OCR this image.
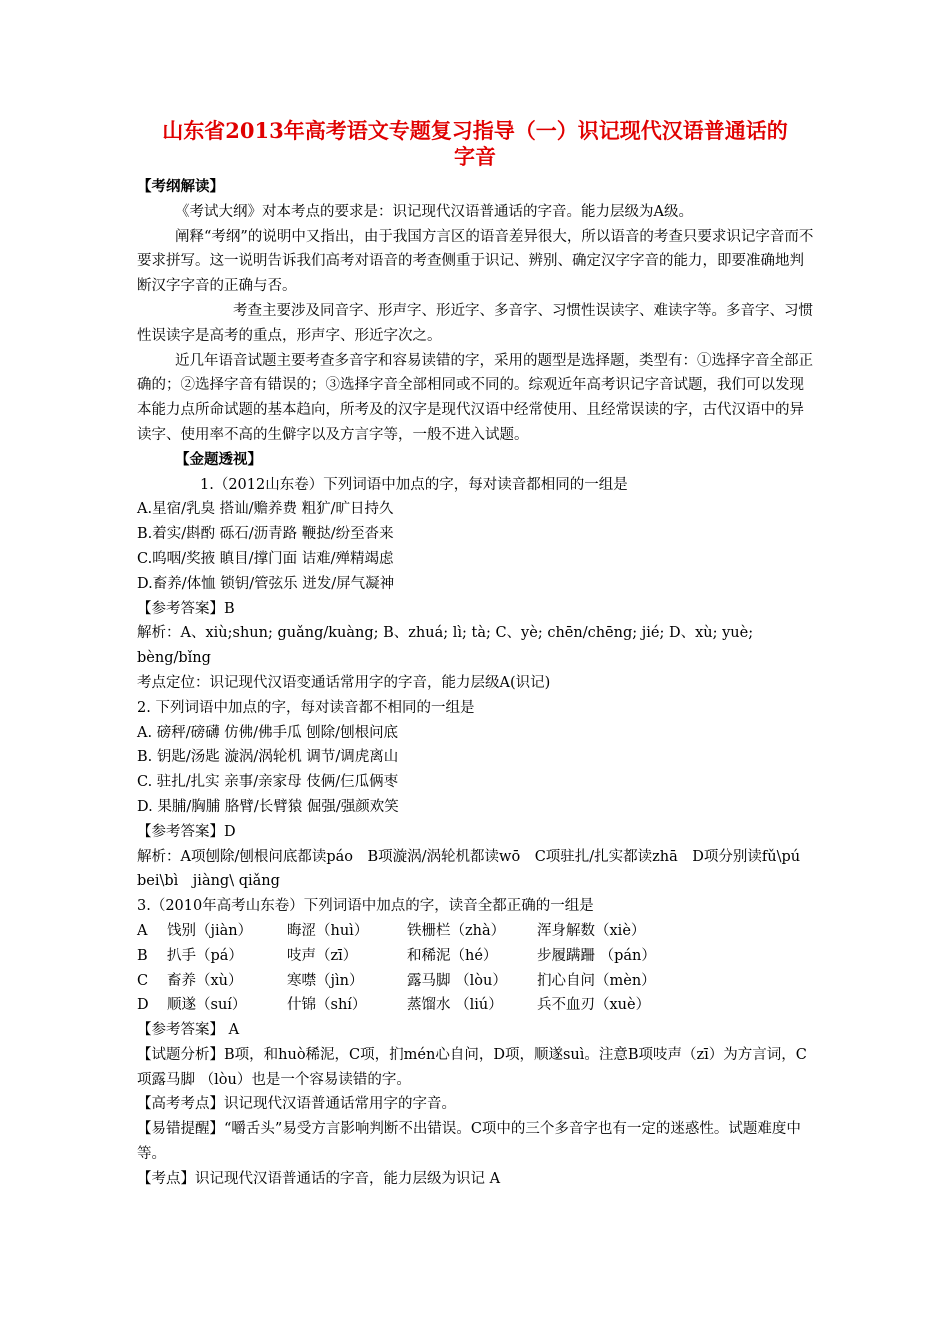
山东省2013年高考语文专题复习指导（一）识记现代汉语普通话的
字音

【考纲解读】

《考试大纲》对本考点的要求是：识记现代汉语普通话的字音。能力层级为A级。

阐释“考纲”的说明中又指出，由于我国方言区的语音差异很大，所以语音的考查只要求识记字音而不要求拼写。这一说明告诉我们高考对语音的考查侧重于识记、辨别、确定汉字字音的能力，即要准确地判断汉字字音的正确与否。

考查主要涉及同音字、形声字、形近字、多音字、习惯性误读字、难读字等。多音字、习惯性误读字是高考的重点，形声字、形近字次之。

近几年语音试题主要考查多音字和容易读错的字，采用的题型是选择题，类型有：①选择字音全部正确的；②选择字音有错误的；③选择字音全部相同或不同的。综观近年高考识记字音试题，我们可以发现本能力点所命试题的基本趋向，所考及的汉字是现代汉语中经常使用、且经常误读的字，古代汉语中的异读字、使用率不高的生僻字以及方言字等，一般不进入试题。

【金题透视】

1.（2012山东卷）下列词语中加点的字，每对读音都相同的一组是

A.星宿/乳臭 搭讪/赡养费 粗犷/旷日持久

B.着实/斟酌 砾石/沥青路 鞭挞/纷至沓来

C.呜咽/奖掖 瞋目/撑门面 诘难/殚精竭虑

D.畜养/体恤 锁钥/管弦乐 迸发/屏气凝神

【参考答案】B

解析：A、xiù;shun; guǎng/kuàng; B、zhuá; lì; tà; C、yè; chēn/chēng; jié; D、xù; yuè; bèng/bǐng

考点定位：识记现代汉语变通话常用字的字音，能力层级A(识记)

2. 下列词语中加点的字，每对读音都不相同的一组是

A. 磅秤/磅礴 仿佛/佛手瓜 刨除/刨根问底

B. 钥匙/汤匙 漩涡/涡轮机 调节/调虎离山

C. 驻扎/扎实 亲事/亲家母 伎俩/仨瓜俩枣

D. 果脯/胸脯 胳臂/长臂猿 倔强/强颜欢笑

【参考答案】D

解析：A项刨除/刨根问底都读páo　B项漩涡/涡轮机都读wō　C项驻扎/扎实都读zhā　D项分别读fǔ\pú　bei\bì　jiàng\ qiǎng

3.（2010年高考山东卷）下列词语中加点的字，读音全都正确的一组是

A	饯别（jiàn）	晦涩（huì）	铁栅栏（zhà）	浑身解数（xiè）
B	扒手（pá）	吱声（zī）	和稀泥（hé）	步履蹒跚 （pán）
C	畜养（xù）	寒噤（jìn）	露马脚 （lòu）	扪心自问（mèn）
D	顺遂（suí）	什锦（shí）	蒸馏水 （liú）	兵不血刃（xuè）

【参考答案】 A

【试题分析】B项，和huò稀泥，C项，扪mén心自问，D项，顺遂suì。注意B项吱声（zī）为方言词，C项露马脚 （lòu）也是一个容易读错的字。

【高考考点】识记现代汉语普通话常用字的字音。

【易错提醒】“嚼舌头”易受方言影响判断不出错误。C项中的三个多音字也有一定的迷惑性。试题难度中等。

【考点】识记现代汉语普通话的字音，能力层级为识记 A
